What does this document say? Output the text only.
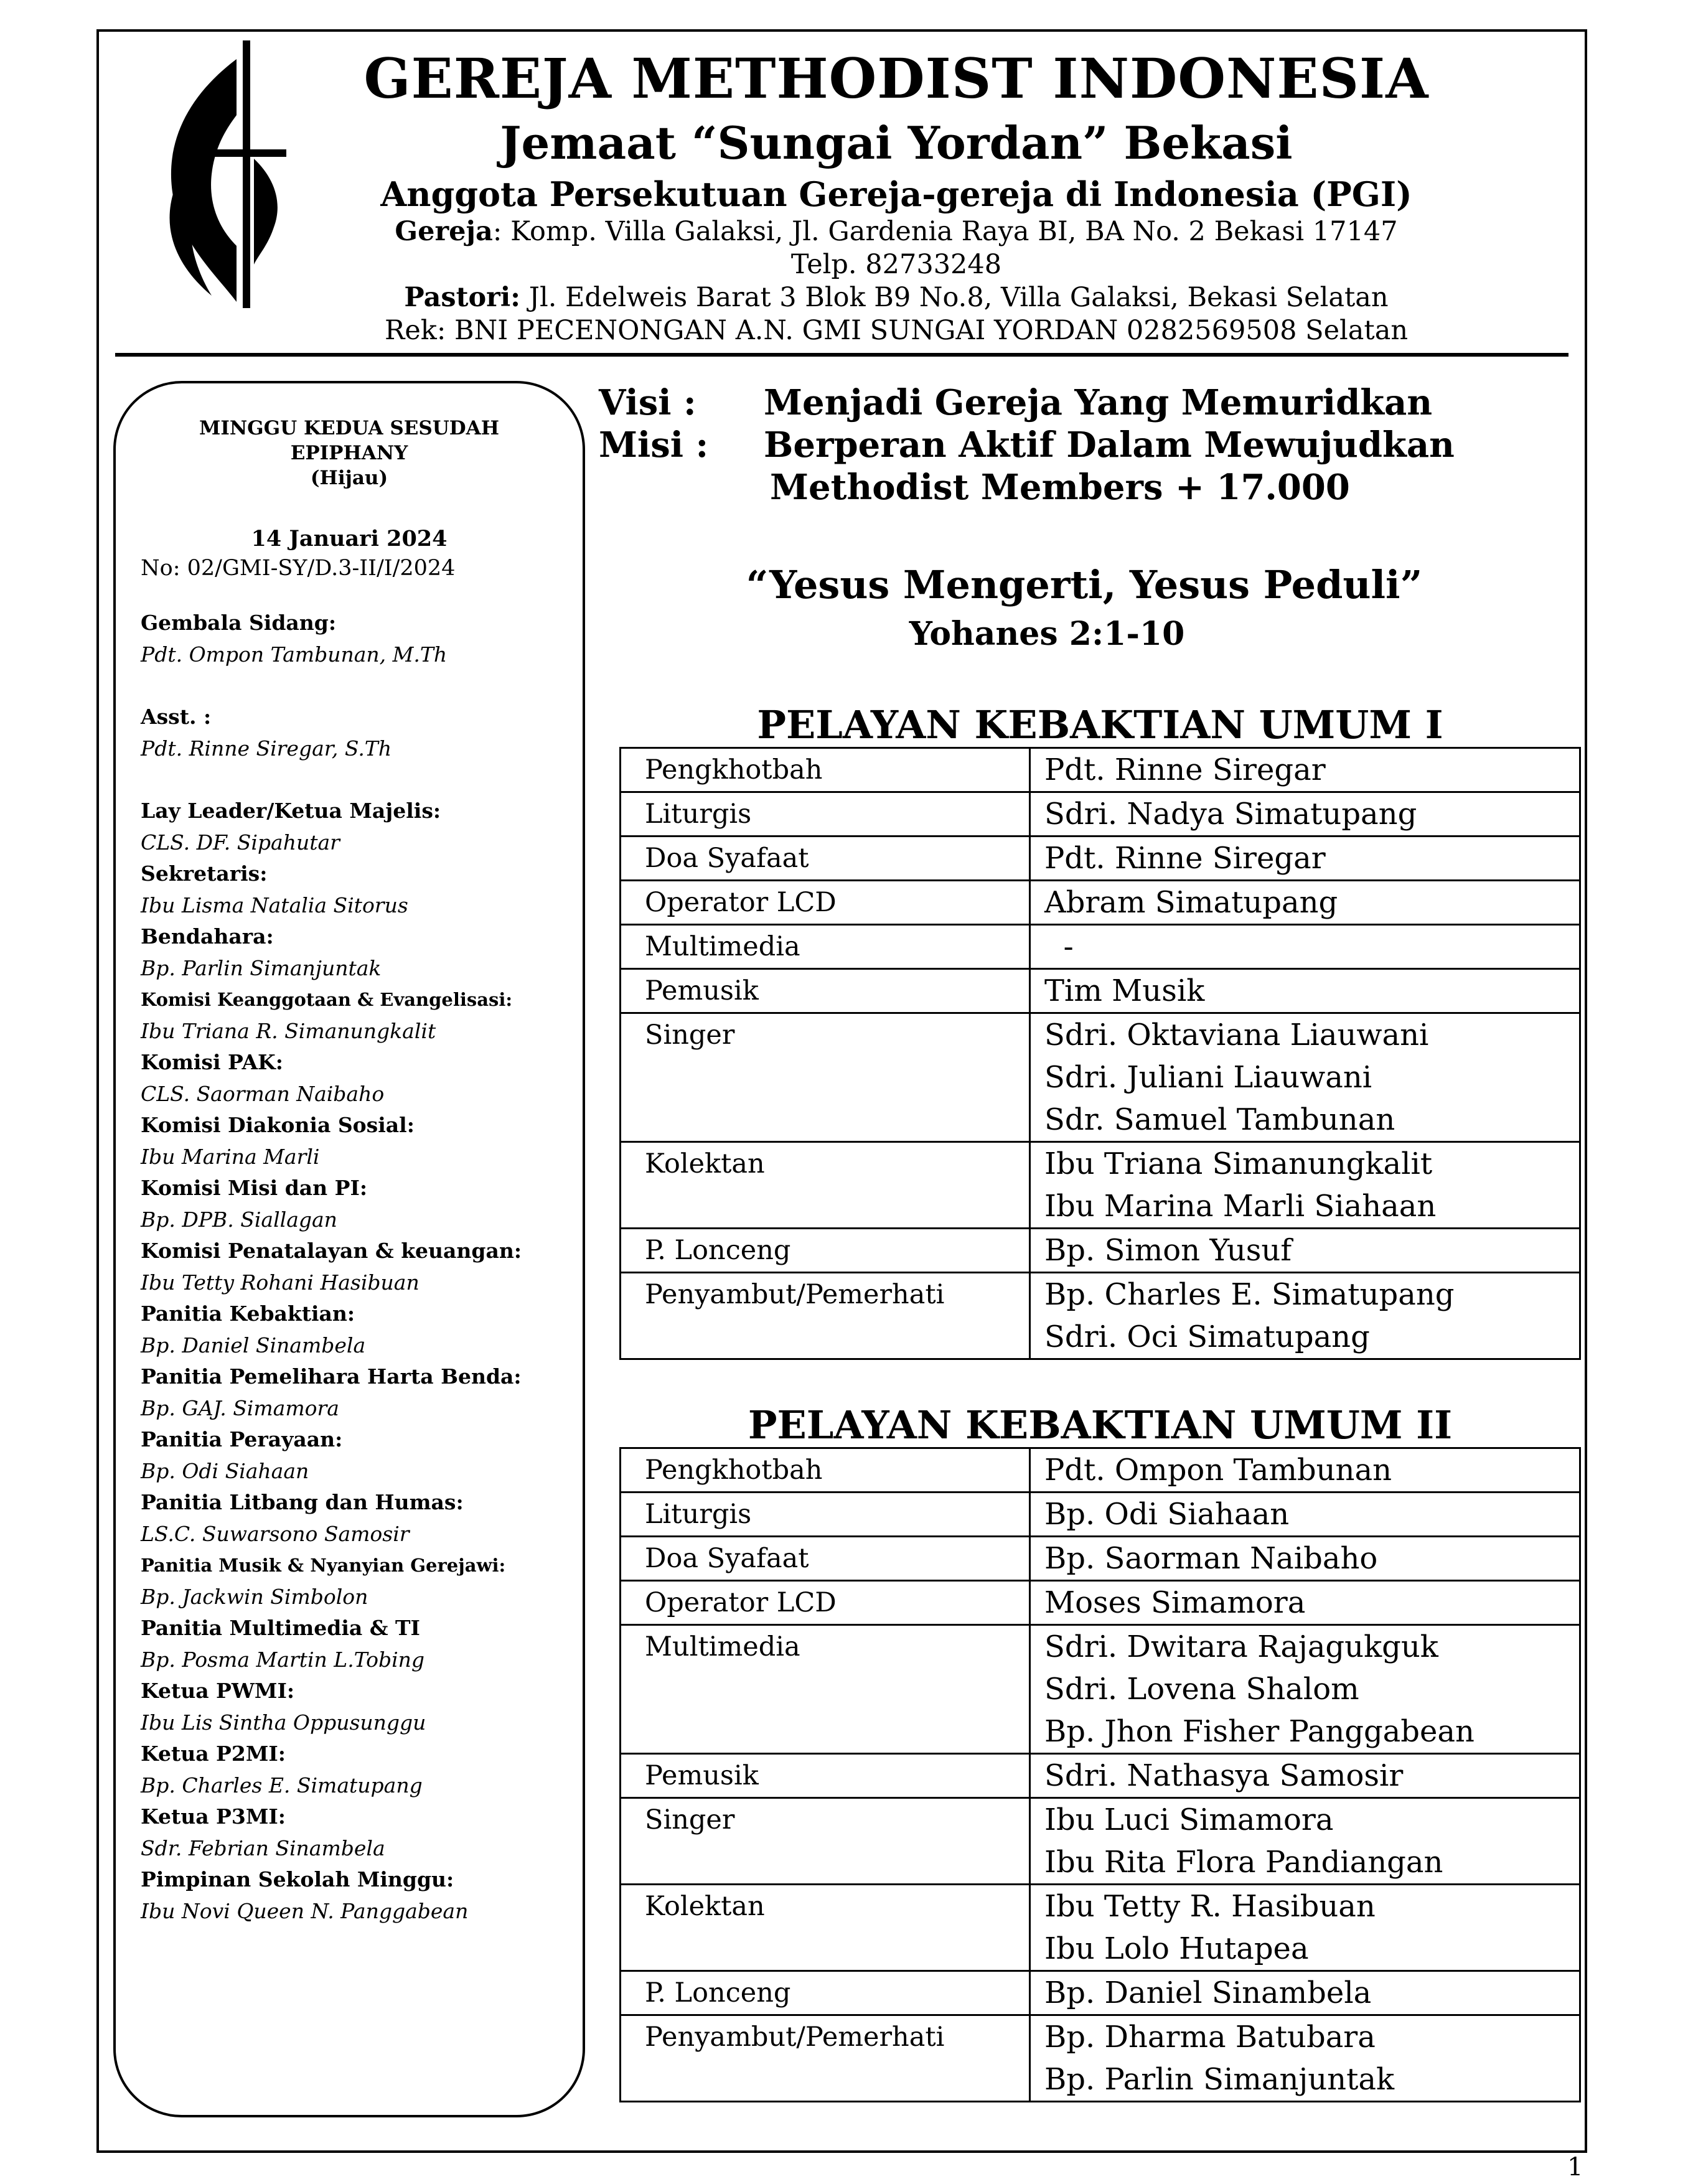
GEREJA METHODIST INDONESIA
Jemaat “Sungai Yordan” Bekasi
Anggota Persekutuan Gereja-gereja di Indonesia (PGI)
Gereja: Komp. Villa Galaksi, Jl. Gardenia Raya BI, BA No. 2 Bekasi 17147
Telp. 82733248
Pastori: Jl. Edelweis Barat 3 Blok B9 No.8, Villa Galaksi, Bekasi Selatan
Rek: BNI PECENONGAN A.N. GMI SUNGAI YORDAN 0282569508 Selatan
MINGGU KEDUA SESUDAH
EPIPHANY
(Hijau)
14 Januari 2024
No: 02/GMI-SY/D.3-II/I/2024
Gembala Sidang:
Pdt. Ompon Tambunan, M.Th
Asst. :
Pdt. Rinne Siregar, S.Th
Lay Leader/Ketua Majelis:
CLS. DF. Sipahutar
Sekretaris:
Ibu Lisma Natalia Sitorus
Bendahara:
Bp. Parlin Simanjuntak
Komisi Keanggotaan & Evangelisasi:
Ibu Triana R. Simanungkalit
Komisi PAK:
CLS. Saorman Naibaho
Komisi Diakonia Sosial:
Ibu Marina Marli
Komisi Misi dan PI:
Bp. DPB. Siallagan
Komisi Penatalayan & keuangan:
Ibu Tetty Rohani Hasibuan
Panitia Kebaktian:
Bp. Daniel Sinambela
Panitia Pemelihara Harta Benda:
Bp. GAJ. Simamora
Panitia Perayaan:
Bp. Odi Siahaan
Panitia Litbang dan Humas:
LS.C. Suwarsono Samosir
Panitia Musik & Nyanyian Gerejawi:
Bp. Jackwin Simbolon
Panitia Multimedia & TI
Bp. Posma Martin L.Tobing
Ketua PWMI:
Ibu Lis Sintha Oppusunggu
Ketua P2MI:
Bp. Charles E. Simatupang
Ketua P3MI:
Sdr. Febrian Sinambela
Pimpinan Sekolah Minggu:
Ibu Novi Queen N. Panggabean
Visi :	Menjadi Gereja Yang Memuridkan
Misi :	Berperan Aktif Dalam Mewujudkan
Methodist Members + 17.000
“Yesus Mengerti, Yesus Peduli”
Yohanes 2:1-10
PELAYAN KEBAKTIAN UMUM I
Pengkhotbah	Pdt. Rinne Siregar

Liturgis	Sdri. Nadya Simatupang

Doa Syafaat	Pdt. Rinne Siregar

Operator LCD	Abram Simatupang

Multimedia	-

Pemusik	Tim Musik

Singer	Sdri. Oktaviana Liauwani
Sdri. Juliani Liauwani
Sdr. Samuel Tambunan

Kolektan	Ibu Triana Simanungkalit
Ibu Marina Marli Siahaan

P. Lonceng	Bp. Simon Yusuf

Penyambut/Pemerhati	Bp. Charles E. Simatupang
Sdri. Oci Simatupang
PELAYAN KEBAKTIAN UMUM II
Pengkhotbah	Pdt. Ompon Tambunan

Liturgis	Bp. Odi Siahaan

Doa Syafaat	Bp. Saorman Naibaho

Operator LCD	Moses Simamora

Multimedia	Sdri. Dwitara Rajagukguk
Sdri. Lovena Shalom
Bp. Jhon Fisher Panggabean

Pemusik	Sdri. Nathasya Samosir

Singer	Ibu Luci Simamora
Ibu Rita Flora Pandiangan

Kolektan	Ibu Tetty R. Hasibuan
Ibu Lolo Hutapea

P. Lonceng	Bp. Daniel Sinambela

Penyambut/Pemerhati	Bp. Dharma Batubara
Bp. Parlin Simanjuntak
1
